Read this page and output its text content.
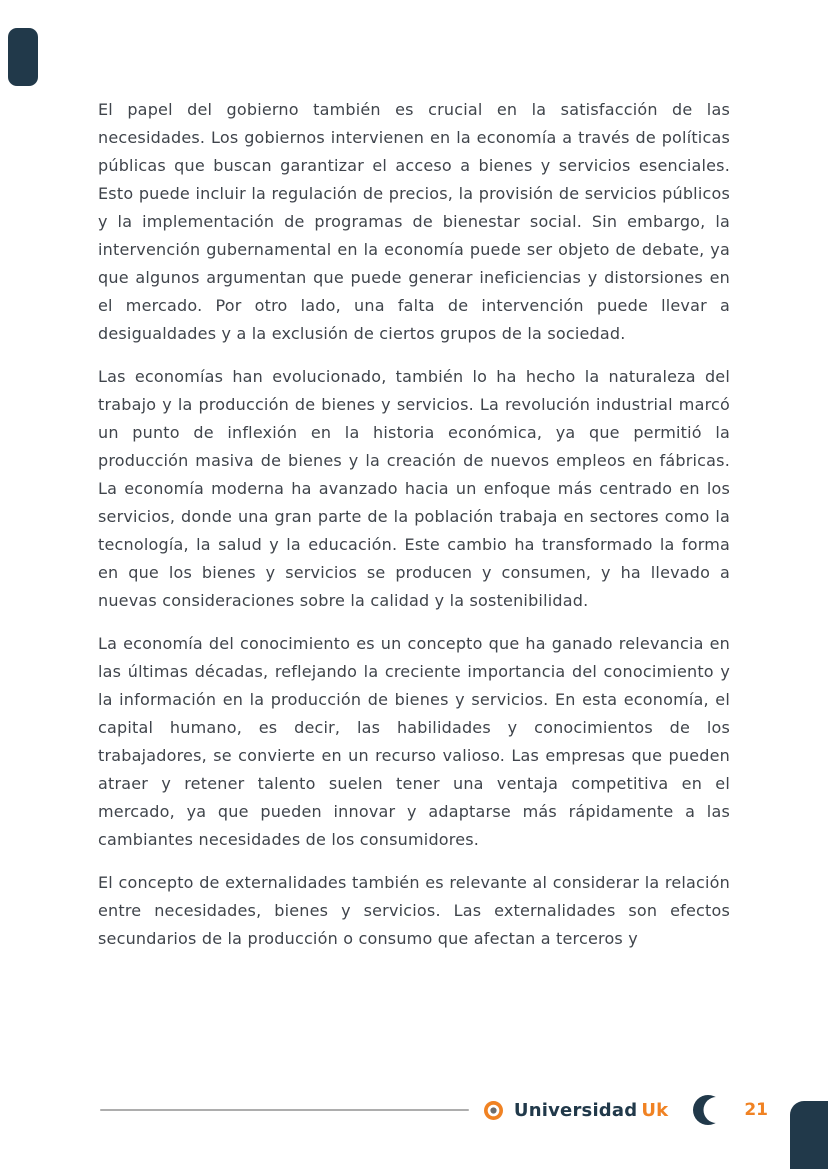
El papel del gobierno también es crucial en la satisfacción de las necesidades. Los gobiernos intervienen en la economía a través de políticas públicas que buscan garantizar el acceso a bienes y servicios esenciales. Esto puede incluir la regulación de precios, la provisión de servicios públicos y la implementación de programas de bienestar social. Sin embargo, la intervención gubernamental en la economía puede ser objeto de debate, ya que algunos argumentan que puede generar ineficiencias y distorsiones en el mercado. Por otro lado, una falta de intervención puede llevar a desigualdades y a la exclusión de ciertos grupos de la sociedad.

Las economías han evolucionado, también lo ha hecho la naturaleza del trabajo y la producción de bienes y servicios. La revolución industrial marcó un punto de inflexión en la historia económica, ya que permitió la producción masiva de bienes y la creación de nuevos empleos en fábricas. La economía moderna ha avanzado hacia un enfoque más centrado en los servicios, donde una gran parte de la población trabaja en sectores como la tecnología, la salud y la educación. Este cambio ha transformado la forma en que los bienes y servicios se producen y consumen, y ha llevado a nuevas consideraciones sobre la calidad y la sostenibilidad.

La economía del conocimiento es un concepto que ha ganado relevancia en las últimas décadas, reflejando la creciente importancia del conocimiento y la información en la producción de bienes y servicios. En esta economía, el capital humano, es decir, las habilidades y conocimientos de los trabajadores, se convierte en un recurso valioso. Las empresas que pueden atraer y retener talento suelen tener una ventaja competitiva en el mercado, ya que pueden innovar y adaptarse más rápidamente a las cambiantes necesidades de los consumidores.

El concepto de externalidades también es relevante al considerar la relación entre necesidades, bienes y servicios. Las externalidades son efectos secundarios de la producción o consumo que afectan a terceros y

Universidad Uk	21
